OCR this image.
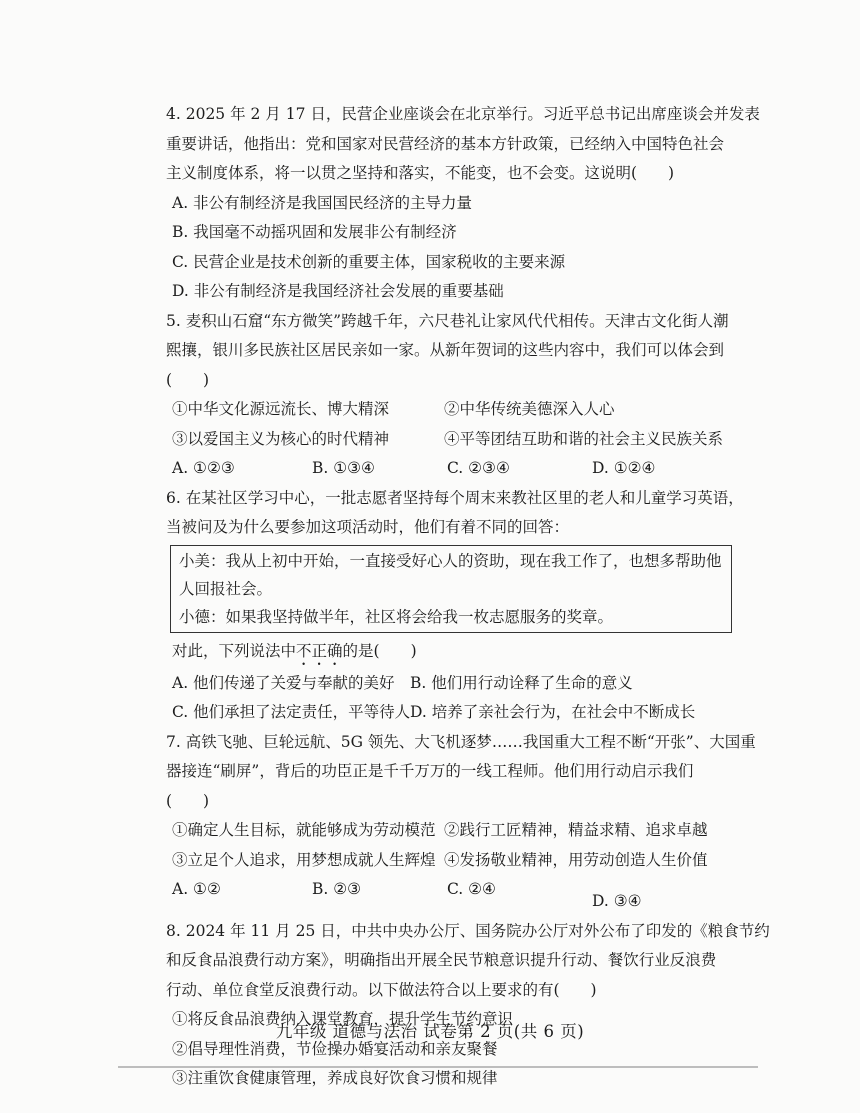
4. 2025 年 2 月 17 日，民营企业座谈会在北京举行。习近平总书记出席座谈会并发表
重要讲话，他指出：党和国家对民营经济的基本方针政策，已经纳入中国特色社会
主义制度体系，将一以贯之坚持和落实，不能变，也不会变。这说明(　　)
A. 非公有制经济是我国国民经济的主导力量
B. 我国毫不动摇巩固和发展非公有制经济
C. 民营企业是技术创新的重要主体，国家税收的主要来源
D. 非公有制经济是我国经济社会发展的重要基础
5. 麦积山石窟“东方微笑”跨越千年，六尺巷礼让家风代代相传。天津古文化街人潮
熙攘，银川多民族社区居民亲如一家。从新年贺词的这些内容中，我们可以体会到
(　　)
①中华文化源远流长、博大精深	②中华传统美德深入人心
③以爱国主义为核心的时代精神	④平等团结互助和谐的社会主义民族关系
A. ①②③	B. ①③④	C. ②③④	D. ①②④
6. 在某社区学习中心，一批志愿者坚持每个周末来教社区里的老人和儿童学习英语，
当被问及为什么要参加这项活动时，他们有着不同的回答：
小美：我从上初中开始，一直接受好心人的资助，现在我工作了，也想多帮助他
人回报社会。
小德：如果我坚持做半年，社区将会给我一枚志愿服务的奖章。
对此，下列说法中不正确的是(　　)
A. 他们传递了关爱与奉献的美好 B. 他们用行动诠释了生命的意义
C. 他们承担了法定责任，平等待人 D. 培养了亲社会行为，在社会中不断成长
7. 高铁飞驰、巨轮远航、5G 领先、大飞机逐梦……我国重大工程不断“开张”、大国重
器接连“刷屏”，背后的功臣正是千千万万的一线工程师。他们用行动启示我们
(　　)
①确定人生目标，就能够成为劳动模范 ②践行工匠精神，精益求精、追求卓越
③立足个人追求，用梦想成就人生辉煌 ④发扬敬业精神，用劳动创造人生价值
A. ①②	B. ②③	C. ②④
D. ③④
8. 2024 年 11 月 25 日，中共中央办公厅、国务院办公厅对外公布了印发的《粮食节约
和反食品浪费行动方案》，明确指出开展全民节粮意识提升行动、餐饮行业反浪费
行动、单位食堂反浪费行动。以下做法符合以上要求的有(　　)
①将反食品浪费纳入课堂教育，提升学生节约意识
②倡导理性消费，节俭操办婚宴活动和亲友聚餐
③注重饮食健康管理，养成良好饮食习惯和规律
九年级 道德与法治 试卷第 2 页(共 6 页)
